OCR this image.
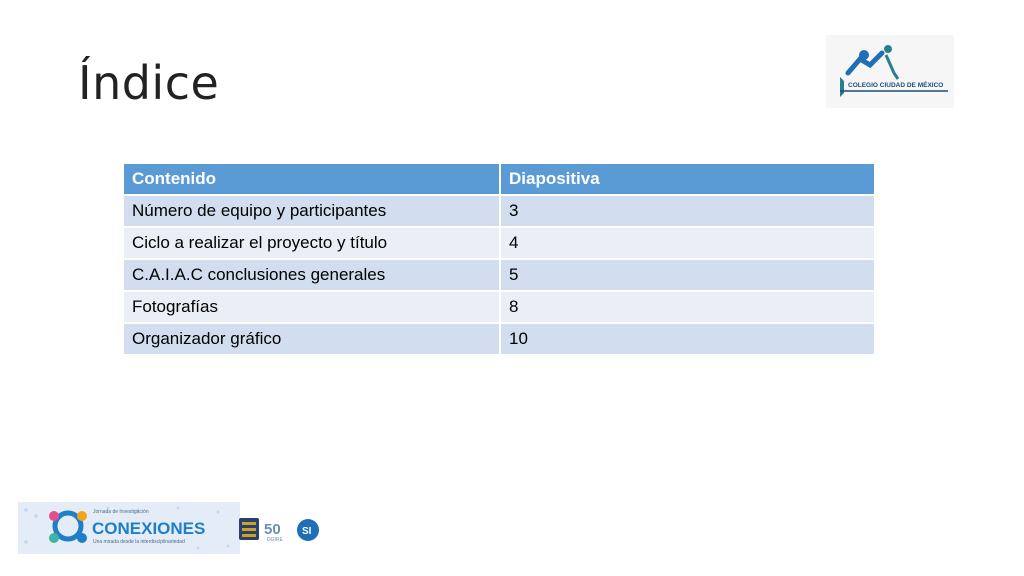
Índice	COLEGIO CIUDAD DE MÉXICO
Contenido	Diapositiva
Número de equipo y participantes	3
Ciclo a realizar el proyecto y título	4
C.A.I.A.C conclusiones generales	5
Fotografías	8
Organizador gráfico	10
Jornada de Investigación
CONEXIONES
Una mirada desde la interdisciplinariedad
50
DGIRE
SI
